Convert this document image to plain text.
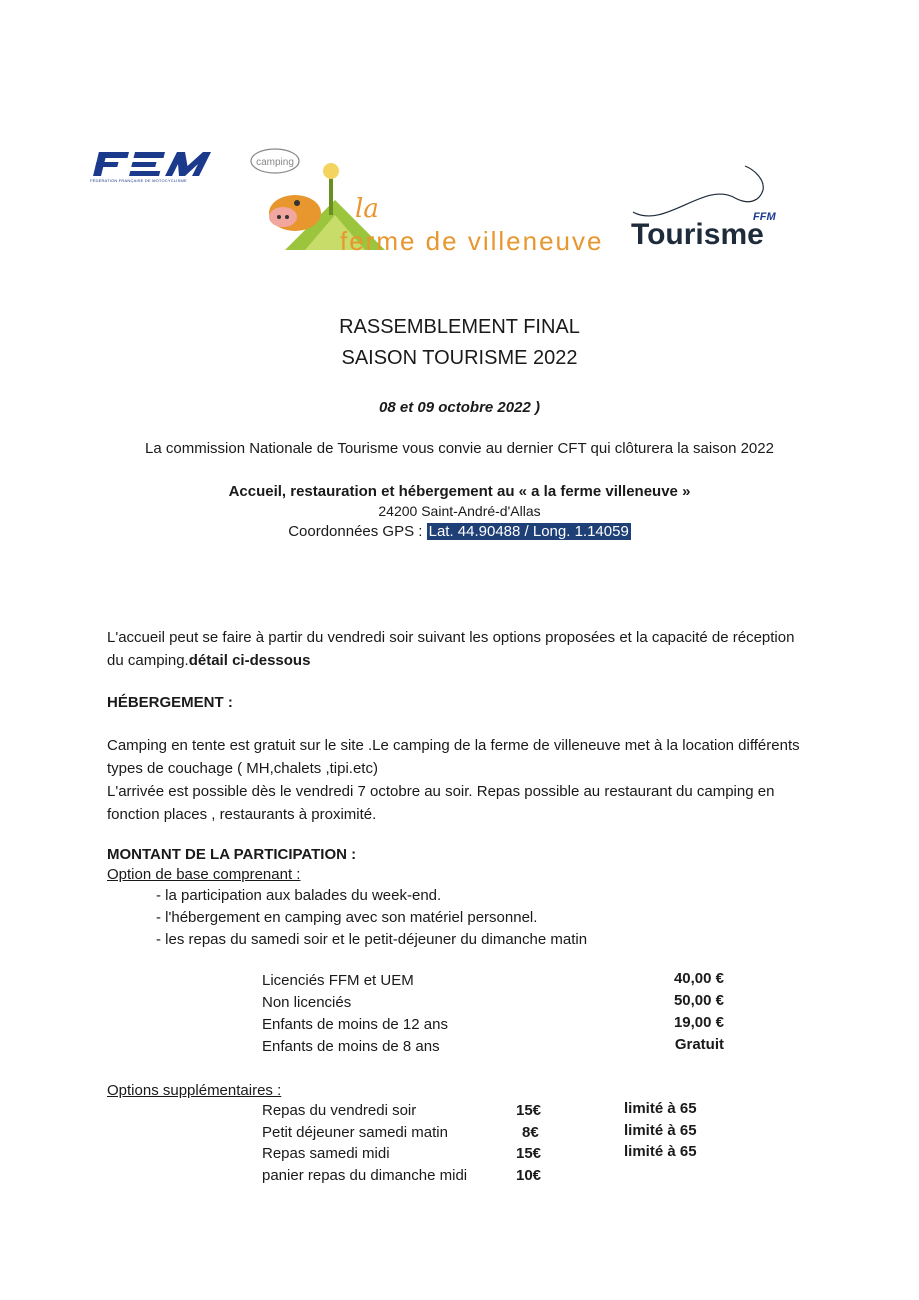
FÉDÉRATION FRANÇAISE DE MOTOCYCLISME
camping
la
ferme de villeneuve
FFM
Tourisme
RASSEMBLEMENT FINAL
SAISON TOURISME 2022
08 et 09 octobre 2022 )
La commission Nationale de Tourisme vous convie au dernier CFT qui clôturera la saison 2022
Accueil, restauration et hébergement au « a la ferme villeneuve »
24200 Saint-André-d'Allas
Coordonnées GPS : Lat. 44.90488 / Long. 1.14059
L'accueil peut se faire à partir du vendredi soir suivant les options proposées et la capacité de réception du camping.détail ci-dessous
HÉBERGEMENT :
Camping en tente est gratuit sur le site .Le camping de la ferme de villeneuve met à la location différents types de couchage ( MH,chalets ,tipi.etc)
L'arrivée est possible dès le vendredi 7 octobre au soir. Repas possible au restaurant du camping en fonction places , restaurants à proximité.
MONTANT DE LA PARTICIPATION :
Option de base comprenant :
- la participation aux balades du week-end.
- l'hébergement en camping avec son matériel personnel.
- les repas du samedi soir et le petit-déjeuner du dimanche matin
Licenciés FFM et UEM	40,00 €
Non licenciés	50,00 €
Enfants de moins de 12 ans	19,00 €
Enfants de moins de 8 ans	Gratuit
Options supplémentaires :
Repas du vendredi soir	15€	limité à 65
Petit déjeuner samedi matin	8€	limité à 65
Repas samedi midi	15€	limité à 65
panier repas du dimanche midi	10€
